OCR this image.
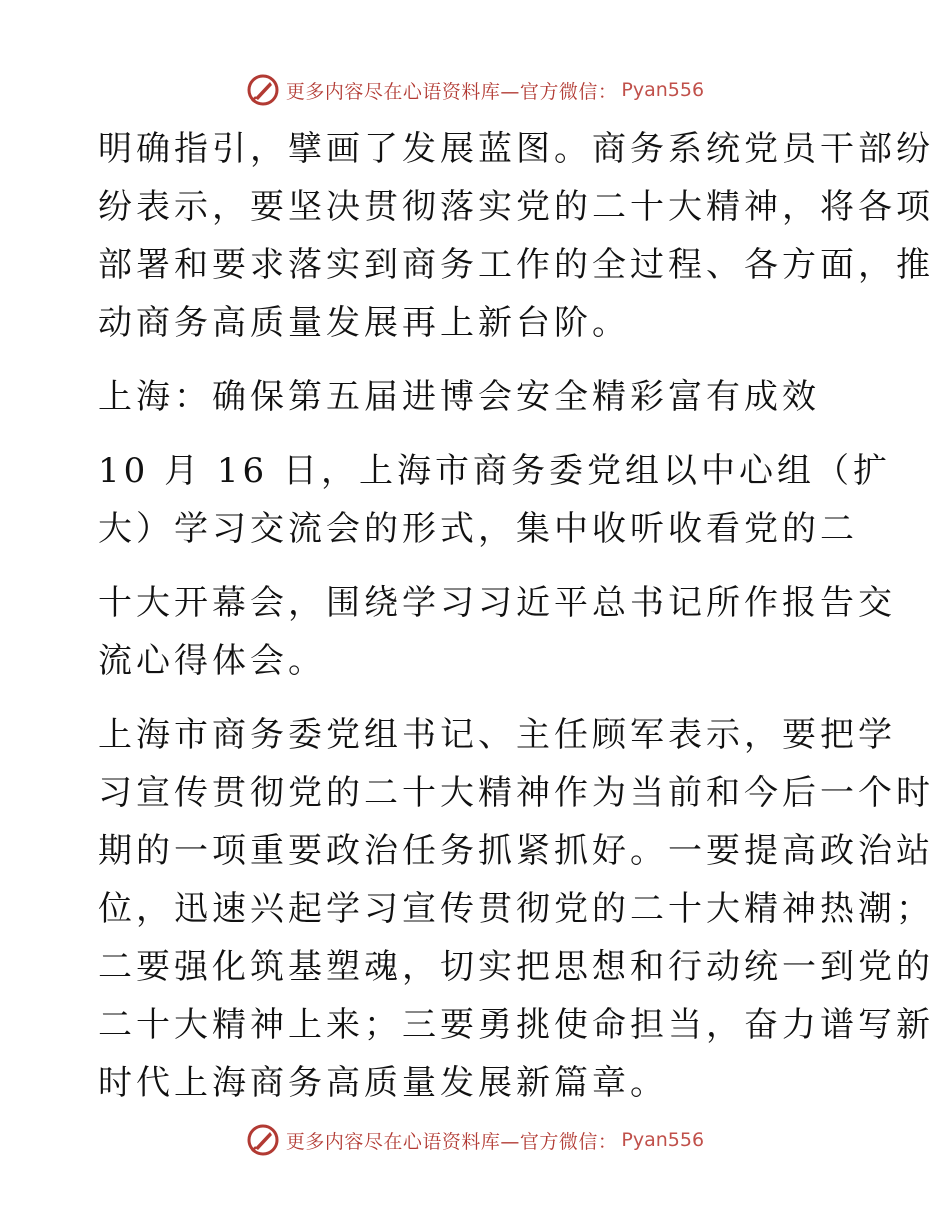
更多内容尽在心语资料库—官方微信： Pyan556
明确指引，擘画了发展蓝图。商务系统党员干部纷
纷表示，要坚决贯彻落实党的二十大精神，将各项
部署和要求落实到商务工作的全过程、各方面，推
动商务高质量发展再上新台阶。
上海：确保第五届进博会安全精彩富有成效
10 月 16 日，上海市商务委党组以中心组（扩
大）学习交流会的形式，集中收听收看党的二
十大开幕会，围绕学习习近平总书记所作报告交
流心得体会。
上海市商务委党组书记、主任顾军表示，要把学
习宣传贯彻党的二十大精神作为当前和今后一个时
期的一项重要政治任务抓紧抓好。一要提高政治站
位，迅速兴起学习宣传贯彻党的二十大精神热潮；
二要强化筑基塑魂，切实把思想和行动统一到党的
二十大精神上来；三要勇挑使命担当，奋力谱写新
时代上海商务高质量发展新篇章。
更多内容尽在心语资料库—官方微信： Pyan556
